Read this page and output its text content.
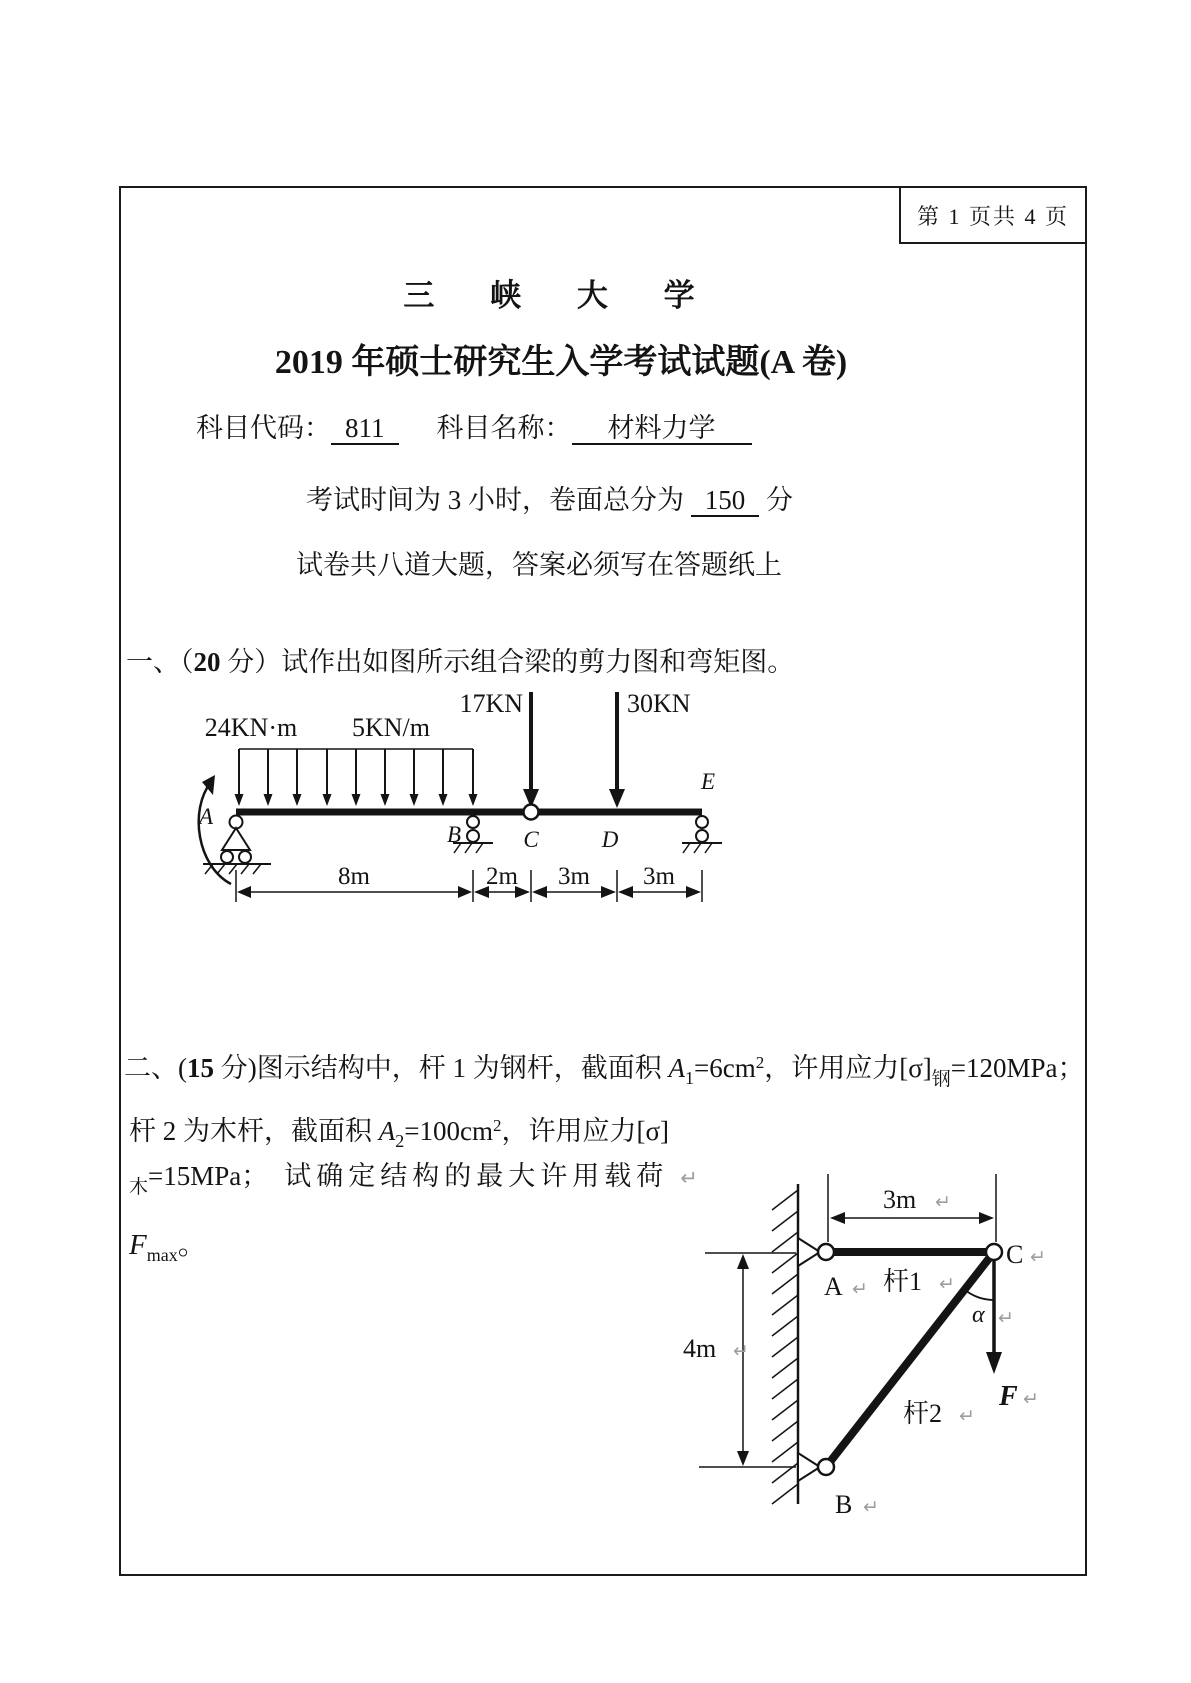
第 1 页共 4 页
三 峡 大 学
2019 年硕士研究生入学考试试题(A 卷)
科目代码： 811 科目名称： 材料力学
考试时间为 3 小时，卷面总分为 150 分
试卷共八道大题，答案必须写在答题纸上
一、（20 分）试作出如图所示组合梁的剪力图和弯矩图。
24KN·m 5KN/m
17KN	30KN
A
B	C	D
E
8m	2m 3m 3m
二、(15 分)图示结构中，杆 1 为钢杆，截面积 $A_1=6cm^2$，许用应力$[\sigma]_钢=120MPa$；
杆 2 为木杆，截面积 $A_2=100cm^2$，许用应力[σ]
$_木$=15MPa； 试确定结构的最大许用载荷 ↵
$F_{max}$。
3m ↵
4m ↵
F ↵
α ↵
A ↵
C ↵
B ↵
杆1 ↵
杆2 ↵
